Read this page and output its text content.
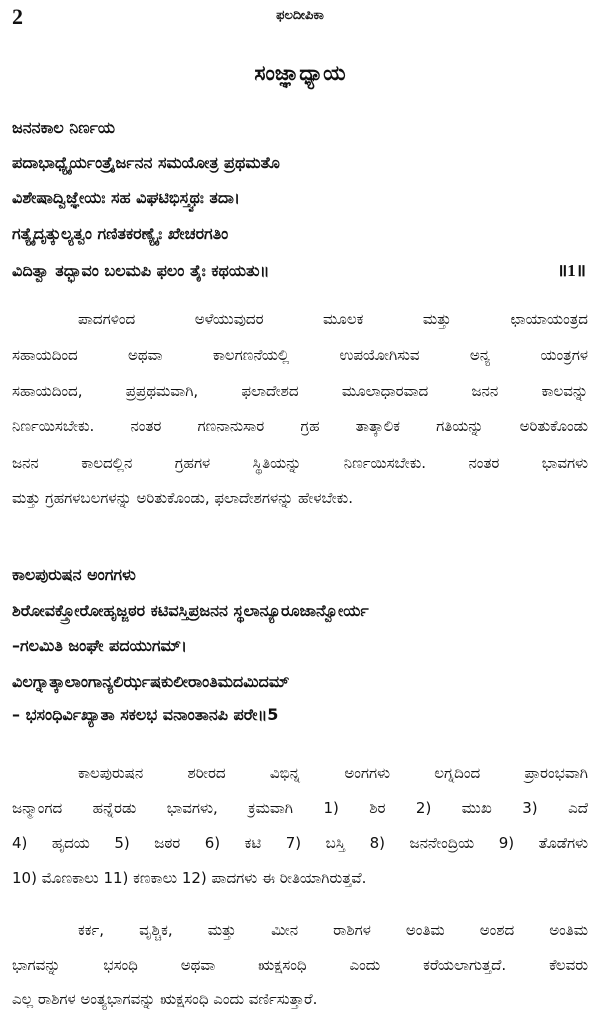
2	ಫಲದೀಪಿಕಾ
ಸಂಜ್ಞಾಧ್ಯಾಯ
ಜನನಕಾಲ ನಿರ್ಣಯ
ಪದಾಭಾಧ್ಯೈರ್ಯಂತ್ರೈರ್ಜನನ ಸಮಯೋತ್ರ ಪ್ರಥಮತೊ
ವಿಶೇಷಾದ್ವಿಜ್ಞೇಯಃ ಸಹ ವಿಘಟಿಭಿಸ್ತ್ವಥಃ ತದಾ।
ಗತ್ಯೈದೃತ್ಕುಲ್ಯತ್ವಂ ಗಣಿತಕರಣ್ಯೈಃ ಖೇಚರಗತಿಂ
ವಿದಿತ್ವಾ ತದ್ಭಾವಂ ಬಲಮಪಿ ಫಲಂ ತೈಃ ಕಥಯತು॥	॥1॥
ಪಾದಗಳಿಂದ ಅಳೆಯುವುದರ ಮೂಲಕ ಮತ್ತು ಛಾಯಾಯಂತ್ರದ
ಸಹಾಯದಿಂದ ಅಥವಾ ಕಾಲಗಣನೆಯಲ್ಲಿ ಉಪಯೋಗಿಸುವ ಅನ್ಯ ಯಂತ್ರಗಳ
ಸಹಾಯದಿಂದ, ಪ್ರಪ್ರಥಮವಾಗಿ, ಫಲಾದೇಶದ ಮೂಲಾಧಾರವಾದ ಜನನ ಕಾಲವನ್ನು
ನಿರ್ಣಯಿಸಬೇಕು. ನಂತರ ಗಣನಾನುಸಾರ ಗ್ರಹ ತಾತ್ಕಾಲಿಕ ಗತಿಯನ್ನು ಅರಿತುಕೊಂಡು
ಜನನ ಕಾಲದಲ್ಲಿನ ಗ್ರಹಗಳ ಸ್ಥಿತಿಯನ್ನು ನಿರ್ಣಯಿಸಬೇಕು. ನಂತರ ಭಾವಗಳು
ಮತ್ತು ಗ್ರಹಗಳಬಲಗಳನ್ನು ಅರಿತುಕೊಂಡು, ಫಲಾದೇಶಗಳನ್ನು ಹೇಳಬೇಕು.
ಕಾಲಪುರುಷನ ಅಂಗಗಳು
ಶಿರೋವಕ್ತ್ರೋರೋಹೃಜ್ಜಠರ ಕಟಿವಸ್ತಿಪ್ರಜನನ ಸ್ಥಲಾನ್ಯೂರೂಜಾನ್ವೋರ್ಯ
–ಗಲಮಿತಿ ಜಂಘೇ ಪದಯುಗಮ್।
ವಿಲಗ್ನಾತ್ಕಾಲಾಂಗಾನ್ಯಲಿರ್ಝಷಕುಲೀರಾಂತಿಮದಮಿದಮ್
– ಭಸಂಧಿರ್ವಿಖ್ಯಾತಾ ಸಕಲಭ ವನಾಂತಾನಪಿ ಪರೇ॥5
ಕಾಲಪುರುಷನ ಶರೀರದ ವಿಭಿನ್ನ ಅಂಗಗಳು ಲಗ್ನದಿಂದ ಪ್ರಾರಂಭವಾಗಿ
ಜನ್ಮಾಂಗದ ಹನ್ನೆರಡು ಭಾವಗಳು, ಕ್ರಮವಾಗಿ 1) ಶಿರ 2) ಮುಖ 3) ಎದೆ
4) ಹೃದಯ 5) ಜಠರ 6) ಕಟಿ 7) ಬಸ್ತಿ 8) ಜನನೇಂದ್ರಿಯ 9) ತೊಡೆಗಳು
10) ಮೊಣಕಾಲು 11) ಕಣಕಾಲು 12) ಪಾದಗಳು ಈ ರೀತಿಯಾಗಿರುತ್ತವೆ.
ಕರ್ಕ, ವೃಶ್ಚಿಕ, ಮತ್ತು ಮೀನ ರಾಶಿಗಳ ಅಂತಿಮ ಅಂಶದ ಅಂತಿಮ
ಭಾಗವನ್ನು ಭಸಂಧಿ ಅಥವಾ ಋಕ್ಷಸಂಧಿ ಎಂದು ಕರೆಯಲಾಗುತ್ತದೆ. ಕೆಲವರು
ಎಲ್ಲ ರಾಶಿಗಳ ಅಂತ್ಯಭಾಗವನ್ನು ಋಕ್ಷಸಂಧಿ ಎಂದು ವರ್ಣಿಸುತ್ತಾರೆ.
